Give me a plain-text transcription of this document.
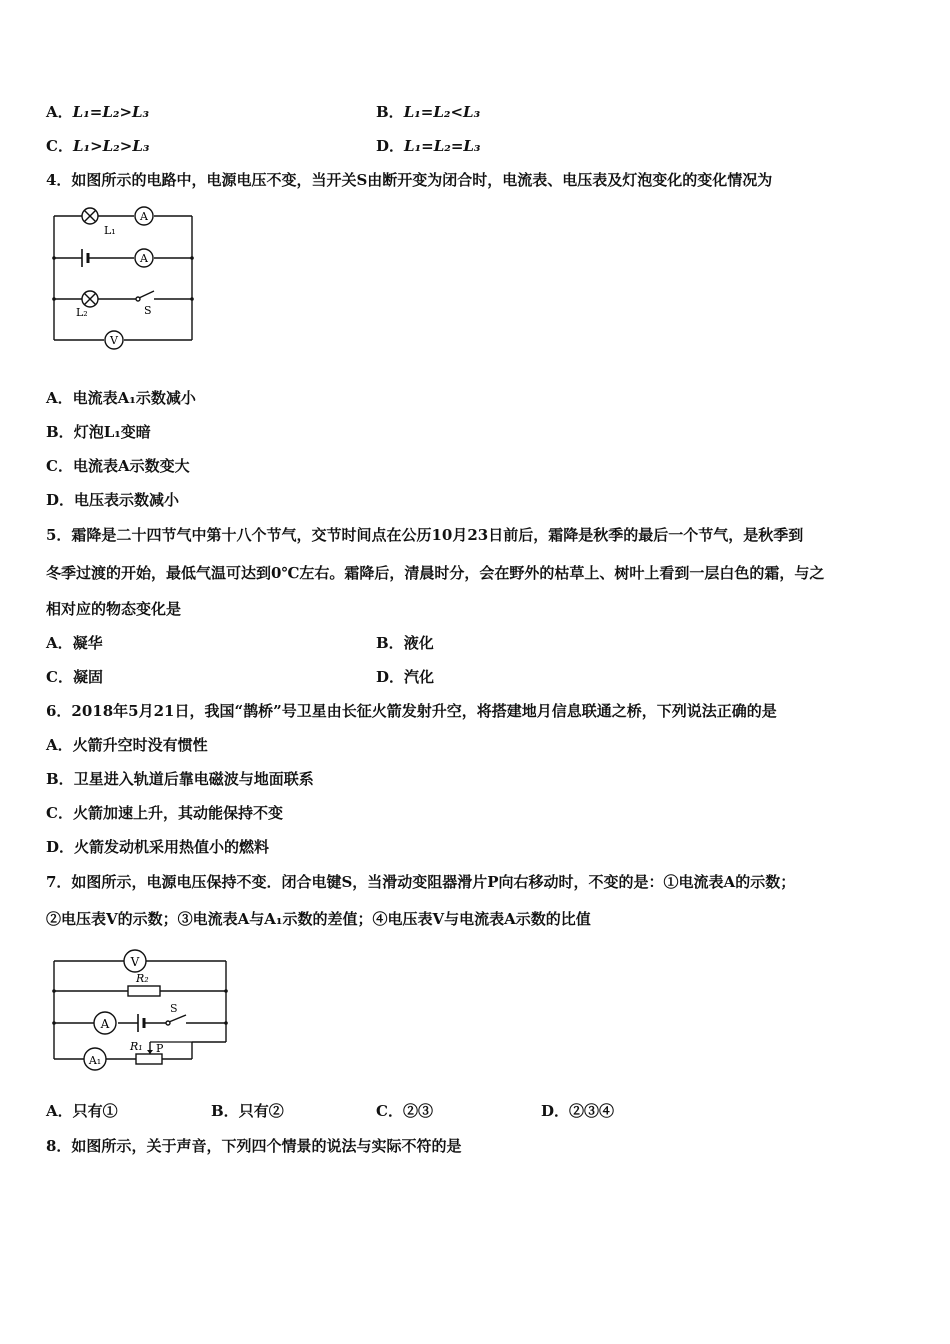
A．L₁=L₂>L₃	B．L₁=L₂<L₃
C．L₁>L₂>L₃	D．L₁=L₂=L₃
4．如图所示的电路中，电源电压不变，当开关S由断开变为闭合时，电流表、电压表及灯泡变化的变化情况为
A
A
V
L₁
L₂	S
A．电流表A₁示数减小
B．灯泡L₁变暗
C．电流表A示数变大
D．电压表示数减小
5．霜降是二十四节气中第十八个节气，交节时间点在公历10月23日前后，霜降是秋季的最后一个节气，是秋季到
冬季过渡的开始，最低气温可达到0℃左右。霜降后，清晨时分，会在野外的枯草上、树叶上看到一层白色的霜，与之
相对应的物态变化是
A．凝华	B．液化
C．凝固	D．汽化
6．2018年5月21日，我国“鹊桥”号卫星由长征火箭发射升空，将搭建地月信息联通之桥，下列说法正确的是
A．火箭升空时没有惯性
B．卫星进入轨道后靠电磁波与地面联系
C．火箭加速上升，其动能保持不变
D．火箭发动机采用热值小的燃料
7．如图所示，电源电压保持不变．闭合电键S，当滑动变阻器滑片P向右移动时，不变的是：①电流表A的示数；
②电压表V的示数；③电流表A与A₁示数的差值；④电压表V与电流表A示数的比值
V
R₂
A
S
A₁
R₁ P
A．只有①	B．只有②	C．②③	D．②③④
8．如图所示，关于声音，下列四个情景的说法与实际不符的是
